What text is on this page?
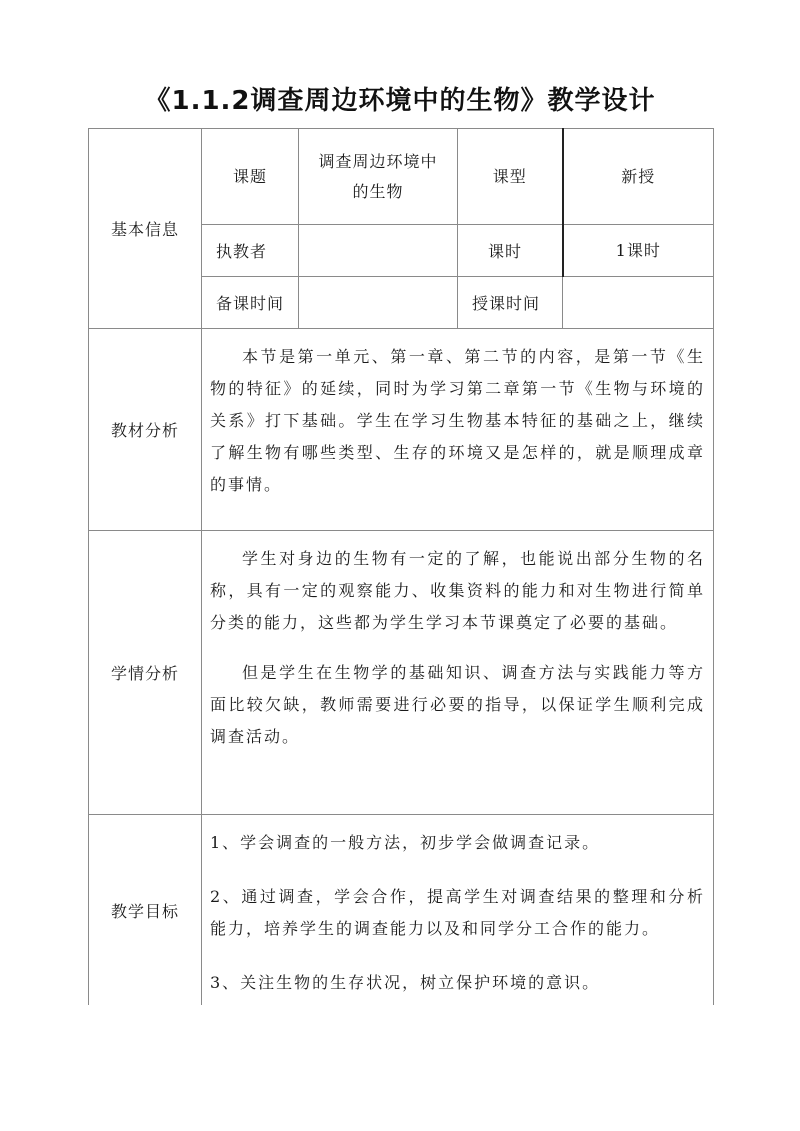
《1.1.2调查周边环境中的生物》教学设计
基本信息	课题	调查周边环境中的生物	课型	新授
	执教者		课时	1课时
	备课时间		授课时间	
教材分析	本节是第一单元、第一章、第二节的内容，是第一节《生物的特征》的延续，同时为学习第二章第一节《生物与环境的关系》打下基础。学生在学习生物基本特征的基础之上，继续了解生物有哪些类型、生存的环境又是怎样的，就是顺理成章的事情。			

学情分析	学生对身边的生物有一定的了解，也能说出部分生物的名称，具有一定的观察能力、收集资料的能力和对生物进行简单分类的能力，这些都为学生学习本节课奠定了必要的基础。

但是学生在生物学的基础知识、调查方法与实践能力等方面比较欠缺，教师需要进行必要的指导，以保证学生顺利完成调查活动。			

教学目标	1、学会调查的一般方法，初步学会做调查记录。

2、通过调查，学会合作，提高学生对调查结果的整理和分析能力，培养学生的调查能力以及和同学分工合作的能力。

3、关注生物的生存状况，树立保护环境的意识。			
